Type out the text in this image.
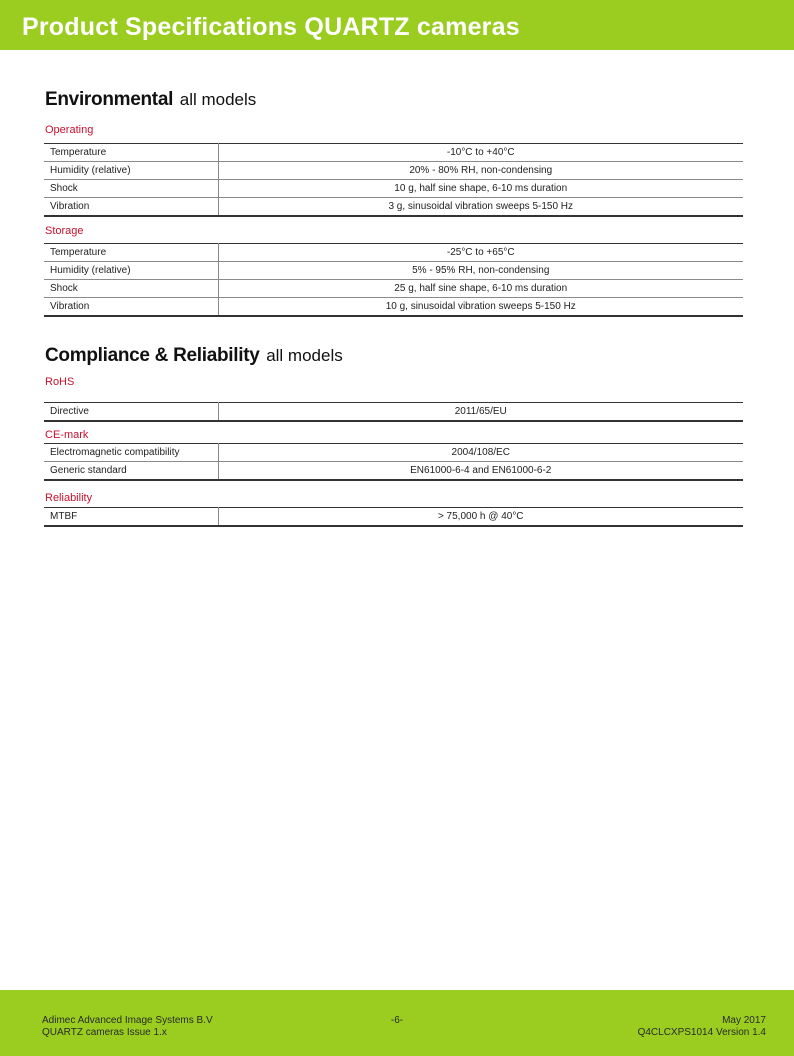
Product Specifications QUARTZ cameras
Environmental all models
Operating
Temperature	-10°C to +40°C
Humidity (relative)	20% - 80% RH, non-condensing
Shock	10 g, half sine shape, 6-10 ms duration
Vibration	3 g, sinusoidal vibration sweeps 5-150 Hz
Storage
Temperature	-25°C to +65°C
Humidity (relative)	5% - 95% RH, non-condensing
Shock	25 g, half sine shape, 6-10 ms duration
Vibration	10 g, sinusoidal vibration sweeps 5-150 Hz
Compliance & Reliability all models
RoHS
Directive	2011/65/EU
CE-mark
Electromagnetic compatibility	2004/108/EC
Generic standard	EN61000-6-4 and EN61000-6-2
Reliability
MTBF	> 75,000 h @ 40°C
Adimec Advanced Image Systems B.V
QUARTZ cameras Issue 1.x
-6-	May 2017
Q4CLCXPS1014 Version 1.4
